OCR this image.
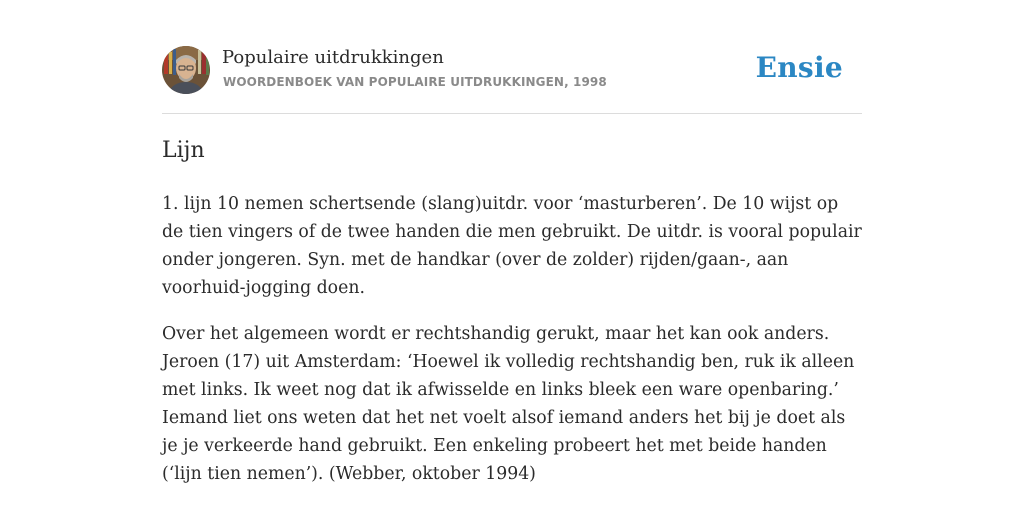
Populaire uitdrukkingen
WOORDENBOEK VAN POPULAIRE UITDRUKKINGEN, 1998	Ensie
Lijn

1. lijn 10 nemen schertsende (slang)uitdr. voor ‘masturberen’. De 10 wijst op de tien vingers of de twee handen die men gebruikt. De uitdr. is vooral populair onder jongeren. Syn. met de handkar (over de zolder) rijden/gaan-, aan voorhuid-jogging doen.

Over het algemeen wordt er rechtshandig gerukt, maar het kan ook anders. Jeroen (17) uit Amsterdam: ‘Hoewel ik volledig rechtshandig ben, ruk ik alleen met links. Ik weet nog dat ik afwisselde en links bleek een ware openbaring.’ Iemand liet ons weten dat het net voelt alsof iemand anders het bij je doet als je je verkeerde hand gebruikt. Een enkeling probeert het met beide handen (‘lijn tien nemen’). (Webber, oktober 1994)
